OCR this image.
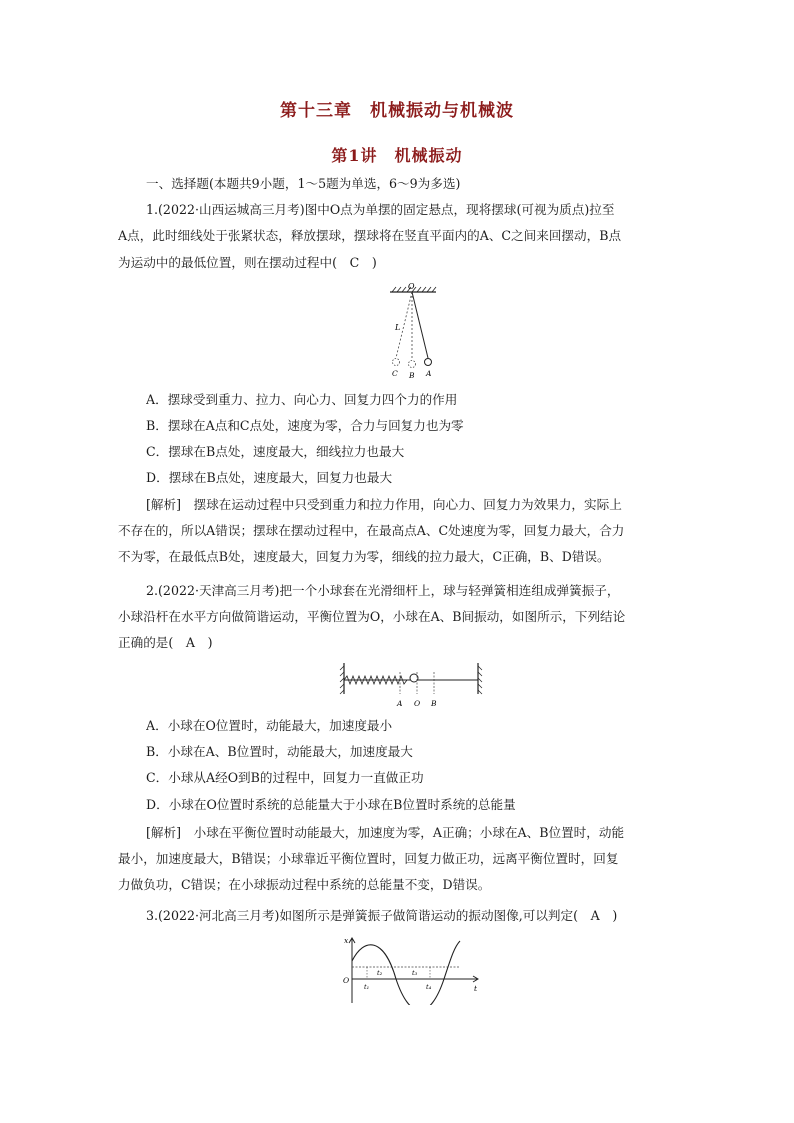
第十三章　机械振动与机械波
第1讲　机械振动
一、选择题(本题共9小题，1～5题为单选，6～9为多选)
1.(2022·山西运城高三月考)图中O点为单摆的固定悬点，现将摆球(可视为质点)拉至
A点，此时细线处于张紧状态，释放摆球，摆球将在竖直平面内的A、C之间来回摆动，B点
为运动中的最低位置，则在摆动过程中(　C　)
O
L
C B A
A．摆球受到重力、拉力、向心力、回复力四个力的作用
B．摆球在A点和C点处，速度为零，合力与回复力也为零
C．摆球在B点处，速度最大，细线拉力也最大
D．摆球在B点处，速度最大，回复力也最大
[解析]　摆球在运动过程中只受到重力和拉力作用，向心力、回复力为效果力，实际上
不存在的，所以A错误；摆球在摆动过程中，在最高点A、C处速度为零，回复力最大，合力
不为零，在最低点B处，速度最大，回复力为零，细线的拉力最大，C正确，B、D错误。
2.(2022·天津高三月考)把一个小球套在光滑细杆上，球与轻弹簧相连组成弹簧振子，
小球沿杆在水平方向做简谐运动，平衡位置为O，小球在A、B间振动，如图所示，下列结论
正确的是(　A　)
A O B
A．小球在O位置时，动能最大，加速度最小
B．小球在A、B位置时，动能最大，加速度最大
C．小球从A经O到B的过程中，回复力一直做正功
D．小球在O位置时系统的总能量大于小球在B位置时系统的总能量
[解析]　小球在平衡位置时动能最大，加速度为零，A正确；小球在A、B位置时，动能
最小，加速度最大，B错误；小球靠近平衡位置时，回复力做正功，远离平衡位置时，回复
力做负功，C错误；在小球振动过程中系统的总能量不变，D错误。
3.(2022·河北高三月考)如图所示是弹簧振子做简谐运动的振动图像,可以判定(　A　)
x
O
t
t₁
t₂	t₃
t₄
